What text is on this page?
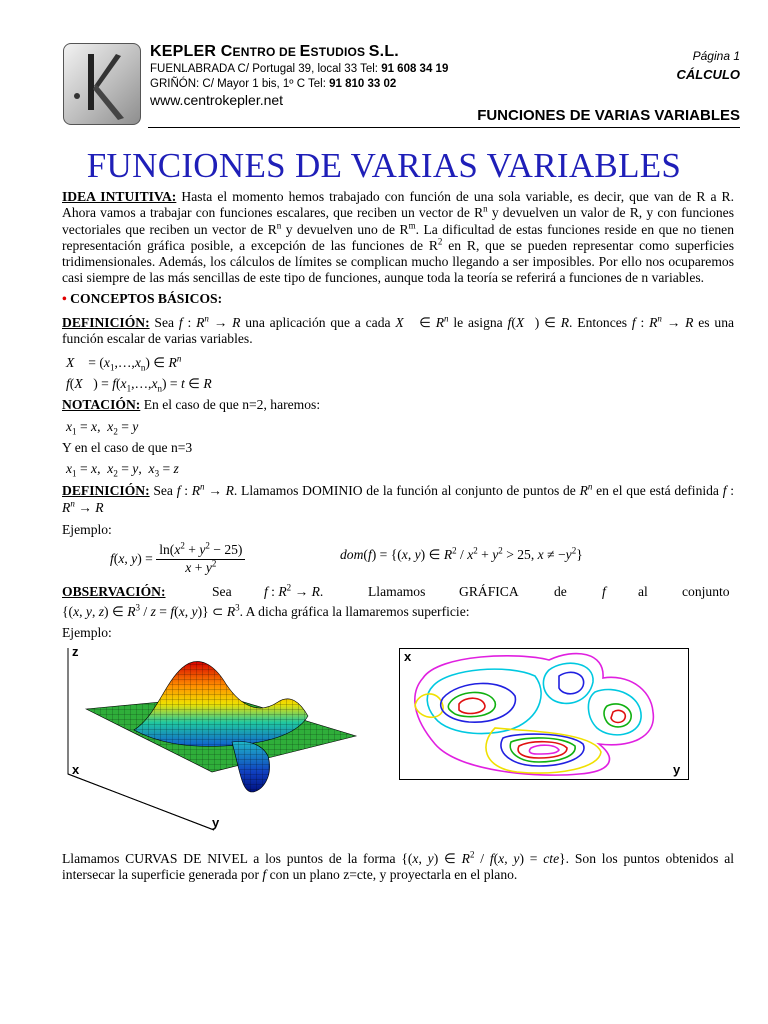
KEPLER CENTRO DE ESTUDIOS S.L.
FUENLABRADA C/ Portugal 39, local 33 Tel: 91 608 34 19
GRIÑÓN: C/ Mayor 1 bis, 1º C Tel: 91 810 33 02
www.centrokepler.net
Página 1
CÁLCULO
FUNCIONES DE VARIAS VARIABLES
FUNCIONES DE VARIAS VARIABLES

IDEA INTUITIVA: Hasta el momento hemos trabajado con función de una sola variable, es decir, que van de R a R. Ahora vamos a trabajar con funciones escalares, que reciben un vector de $R^n$ y devuelven un valor de R, y con funciones vectoriales que reciben un vector de $R^n$ y devuelven uno de $R^m$. La dificultad de estas funciones reside en que no tienen representación gráfica posible, a excepción de las funciones de $R^2$ en R, que se pueden representar como superficies tridimensionales. Además, los cálculos de límites se complican mucho llegando a ser imposibles. Por ello nos ocuparemos casi siempre de las más sencillas de este tipo de funciones, aunque toda la teoría se referirá a funciones de n variables.

• CONCEPTOS BÁSICOS:

DEFINICIÓN: Sea f : $R^n \to R$ una aplicación que a cada X⃗ ∈ $R^n$ le asigna f(X⃗) ∈ R. Entonces f : $R^n \to R$ es una función escalar de varias variables.

X⃗ = $(x_1,\dots,x_n)$ ∈ $R^n$
f(X⃗) = $f(x_1,\dots,x_n) = t$ ∈ R

NOTACIÓN: En el caso de que n=2, haremos:

$x_1 = x$,  $x_2 = y$

Y en el caso de que n=3

$x_1 = x$,  $x_2 = y$,  $x_3 = z$

DEFINICIÓN: Sea f : $R^n \to R$. Llamamos DOMINIO de la función al conjunto de puntos de $R^n$ en el que está definida f : $R^n \to R$

Ejemplo:

f(x, $y) = \frac{\ln(x^2 + y^2 - 25)}{x + y^2}$	dom(f) = {(x, y) ∈ $R^2 / x^2 + y^2 > 25$, $x \ne -y^2$}
OBSERVACIÓN:	Sea f : $R^2 \to R$.	Llamamos GRÁFICA	de	f al	conjunto

{(x, y, z) ∈ $R^3 / z = f(x$, y)} ⊂ $R^3$. A dicha gráfica la llamaremos superficie:

Ejemplo:

z
x
y
x
y

Llamamos CURVAS DE NIVEL a los puntos de la forma {(x, y) ∈ $R^2 / f(x$, y) = cte}. Son los puntos obtenidos al intersecar la superficie generada por f con un plano z=cte, y proyectarla en el plano.
